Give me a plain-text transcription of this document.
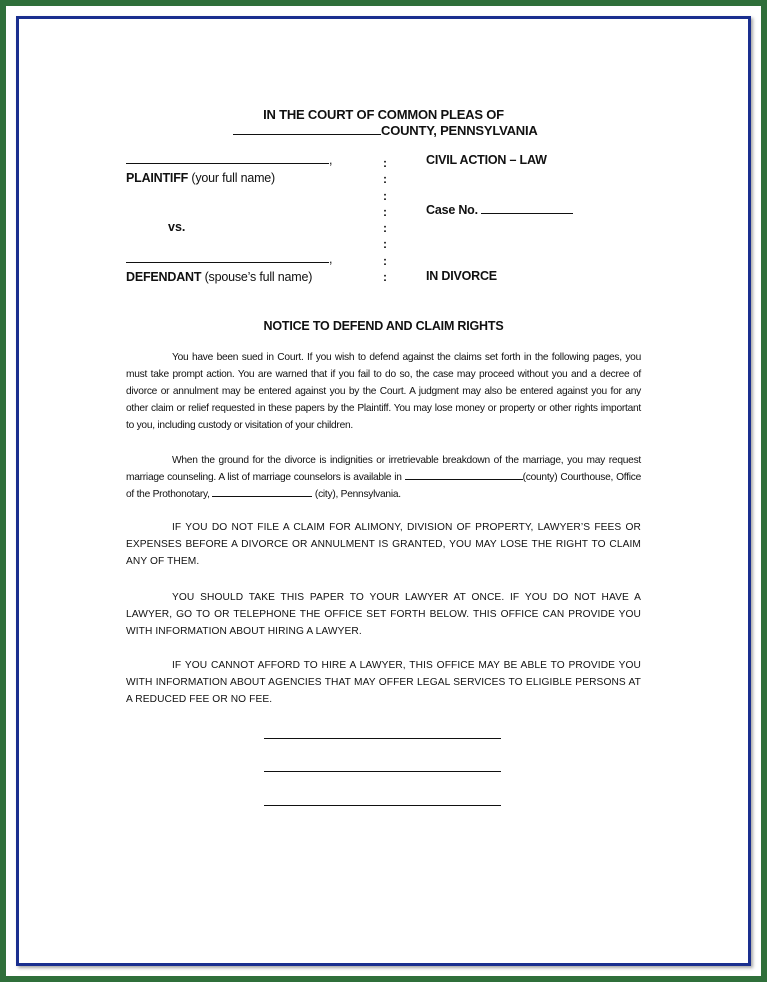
IN THE COURT OF COMMON PLEAS OF
COUNTY, PENNSYLVANIA
,
PLAINTIFF (your full name)
vs.
,
DEFENDANT (spouse’s full name)
:
:
:
:
:
:
:
:
CIVIL ACTION – LAW
Case No.
IN DIVORCE
NOTICE TO DEFEND AND CLAIM RIGHTS
You have been sued in Court. If you wish to defend against the claims set forth in the following pages, you must take prompt action. You are warned that if you fail to do so, the case may proceed without you and a decree of divorce or annulment may be entered against you by the Court. A judgment may also be entered against you for any other claim or relief requested in these papers by the Plaintiff. You may lose money or property or other rights important to you, including custody or visitation of your children.
When the ground for the divorce is indignities or irretrievable breakdown of the marriage, you may request marriage counseling. A list of marriage counselors is available in	(county) Courthouse, Office of the Prothonotary,	(city), Pennsylvania.
IF YOU DO NOT FILE A CLAIM FOR ALIMONY, DIVISION OF PROPERTY, LAWYER’S FEES OR EXPENSES BEFORE A DIVORCE OR ANNULMENT IS GRANTED, YOU MAY LOSE THE RIGHT TO CLAIM ANY OF THEM.
YOU SHOULD TAKE THIS PAPER TO YOUR LAWYER AT ONCE. IF YOU DO NOT HAVE A LAWYER, GO TO OR TELEPHONE THE OFFICE SET FORTH BELOW. THIS OFFICE CAN PROVIDE YOU WITH INFORMATION ABOUT HIRING A LAWYER.
IF YOU CANNOT AFFORD TO HIRE A LAWYER, THIS OFFICE MAY BE ABLE TO PROVIDE YOU WITH INFORMATION ABOUT AGENCIES THAT MAY OFFER LEGAL SERVICES TO ELIGIBLE PERSONS AT A REDUCED FEE OR NO FEE.
